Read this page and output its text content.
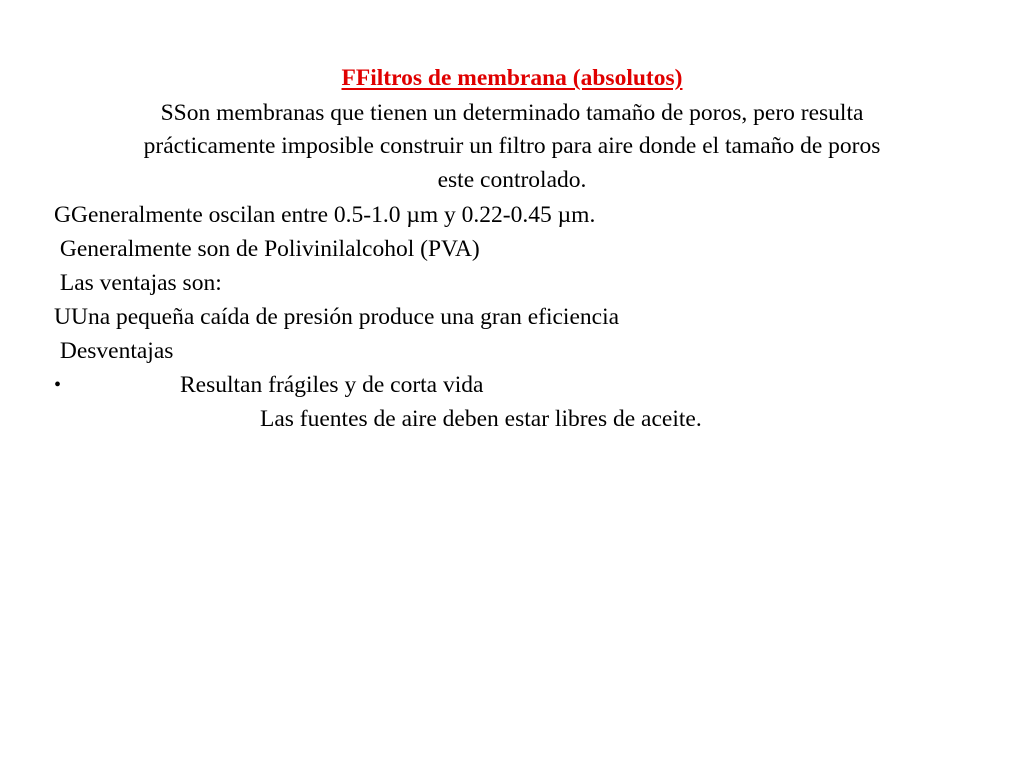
FFiltros de membrana (absolutos)
SSon membranas que tienen un determinado tamaño de poros, pero resulta
prácticamente imposible construir un filtro para aire donde el tamaño de poros
este controlado.
GGeneralmente oscilan entre 0.5-1.0 µm y 0.22-0.45 µm.
Generalmente son de Polivinilalcohol (PVA)
Las ventajas son:
UUna pequeña caída de presión produce una gran eficiencia
Desventajas
•	Resultan frágiles y de corta vida
Las fuentes de aire deben estar libres de aceite.
